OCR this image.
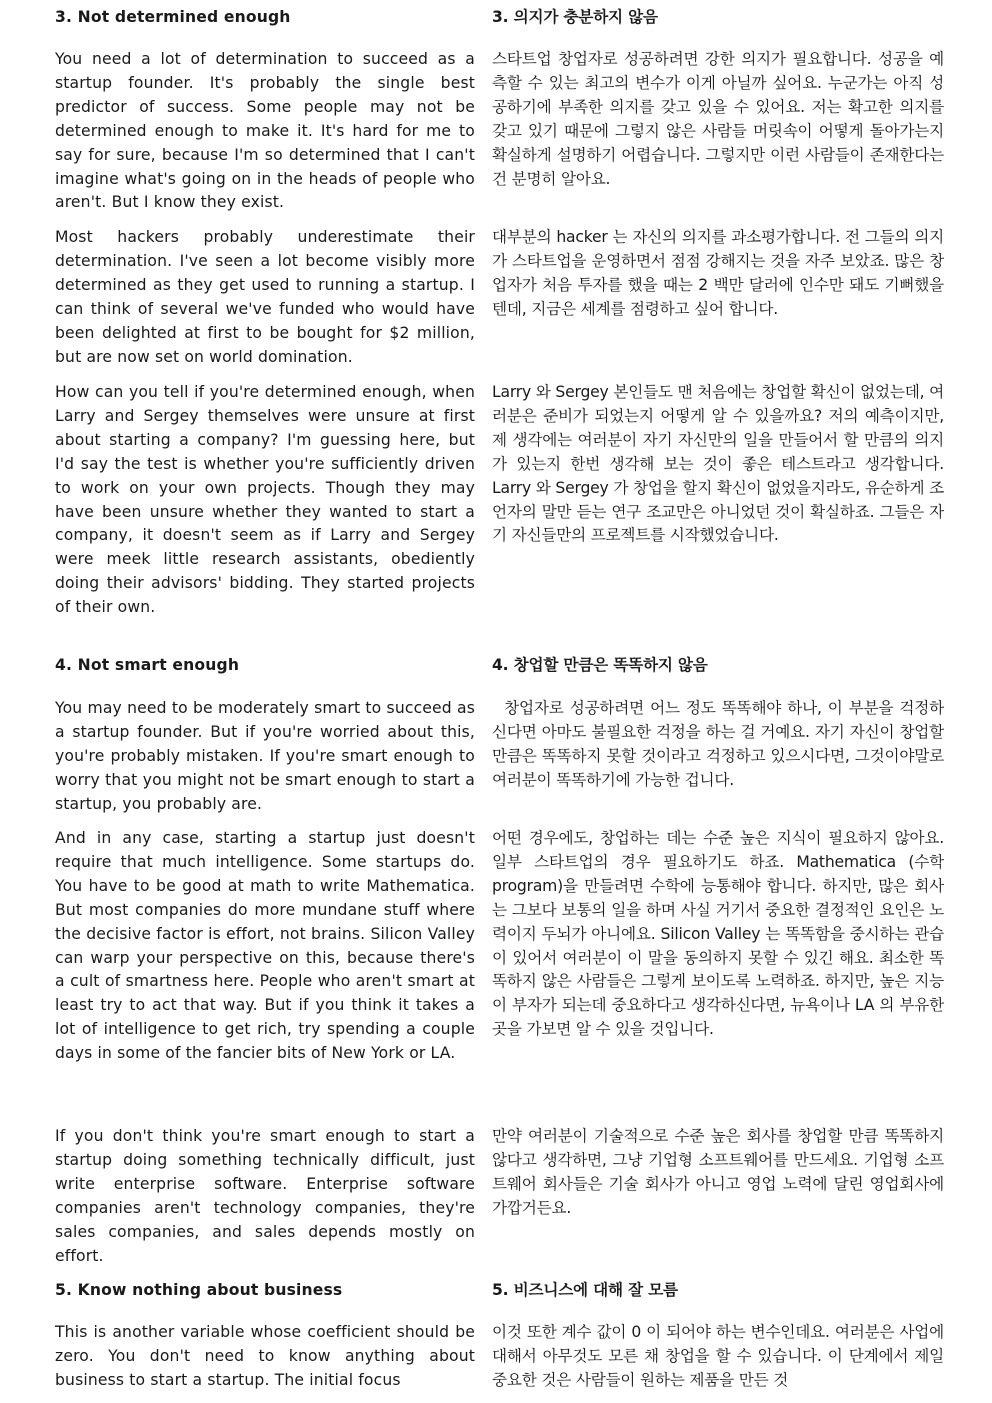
3. Not determined enough

You need a lot of determination to succeed as a startup founder. It's probably the single best predictor of success. Some people may not be determined enough to make it. It's hard for me to say for sure, because I'm so determined that I can't imagine what's going on in the heads of people who aren't. But I know they exist.

Most hackers probably underestimate their determination. I've seen a lot become visibly more determined as they get used to running a startup. I can think of several we've funded who would have been delighted at first to be bought for $2 million, but are now set on world domination.

How can you tell if you're determined enough, when Larry and Sergey themselves were unsure at first about starting a company? I'm guessing here, but I'd say the test is whether you're sufficiently driven to work on your own projects. Though they may have been unsure whether they wanted to start a company, it doesn't seem as if Larry and Sergey were meek little research assistants, obediently doing their advisors' bidding. They started projects of their own.

4. Not smart enough

You may need to be moderately smart to succeed as a startup founder. But if you're worried about this, you're probably mistaken. If you're smart enough to worry that you might not be smart enough to start a startup, you probably are.

And in any case, starting a startup just doesn't require that much intelligence. Some startups do. You have to be good at math to write Mathematica. But most companies do more mundane stuff where the decisive factor is effort, not brains. Silicon Valley can warp your perspective on this, because there's a cult of smartness here. People who aren't smart at least try to act that way. But if you think it takes a lot of intelligence to get rich, try spending a couple days in some of the fancier bits of New York or LA.

If you don't think you're smart enough to start a startup doing something technically difficult, just write enterprise software. Enterprise software companies aren't technology companies, they're sales companies, and sales depends mostly on effort.

5. Know nothing about business

This is another variable whose coefficient should be zero. You don't need to know anything about business to start a startup. The initial focus

3. 의지가 충분하지 않음

스타트업 창업자로 성공하려면 강한 의지가 필요합니다. 성공을 예측할 수 있는 최고의 변수가 이게 아닐까 싶어요. 누군가는 아직 성공하기에 부족한 의지를 갖고 있을 수 있어요. 저는 확고한 의지를 갖고 있기 때문에 그렇지 않은 사람들 머릿속이 어떻게 돌아가는지 확실하게 설명하기 어렵습니다. 그렇지만 이런 사람들이 존재한다는 건 분명히 알아요.

대부분의 hacker 는 자신의 의지를 과소평가합니다. 전 그들의 의지가 스타트업을 운영하면서 점점 강해지는 것을 자주 보았죠. 많은 창업자가 처음 투자를 했을 때는 2 백만 달러에 인수만 돼도 기뻐했을 텐데, 지금은 세계를 점령하고 싶어 합니다.

Larry 와 Sergey 본인들도 맨 처음에는 창업할 확신이 없었는데, 여러분은 준비가 되었는지 어떻게 알 수 있을까요? 저의 예측이지만, 제 생각에는 여러분이 자기 자신만의 일을 만들어서 할 만큼의 의지가 있는지 한번 생각해 보는 것이 좋은 테스트라고 생각합니다. Larry 와 Sergey 가 창업을 할지 확신이 없었을지라도, 유순하게 조언자의 말만 듣는 연구 조교만은 아니었던 것이 확실하죠. 그들은 자기 자신들만의 프로젝트를 시작했었습니다.

4. 창업할 만큼은 똑똑하지 않음

창업자로 성공하려면 어느 정도 똑똑해야 하나, 이 부분을 걱정하신다면 아마도 불필요한 걱정을 하는 걸 거예요. 자기 자신이 창업할 만큼은 똑똑하지 못할 것이라고 걱정하고 있으시다면, 그것이야말로 여러분이 똑똑하기에 가능한 겁니다.

어떤 경우에도, 창업하는 데는 수준 높은 지식이 필요하지 않아요. 일부 스타트업의 경우 필요하기도 하죠. Mathematica (수학 program)을 만들려면 수학에 능통해야 합니다. 하지만, 많은 회사는 그보다 보통의 일을 하며 사실 거기서 중요한 결정적인 요인은 노력이지 두뇌가 아니에요. Silicon Valley 는 똑똑함을 중시하는 관습이 있어서 여러분이 이 말을 동의하지 못할 수 있긴 해요. 최소한 똑똑하지 않은 사람들은 그렇게 보이도록 노력하죠. 하지만, 높은 지능이 부자가 되는데 중요하다고 생각하신다면, 뉴욕이나 LA 의 부유한 곳을 가보면 알 수 있을 것입니다.

만약 여러분이 기술적으로 수준 높은 회사를 창업할 만큼 똑똑하지 않다고 생각하면, 그냥 기업형 소프트웨어를 만드세요. 기업형 소프트웨어 회사들은 기술 회사가 아니고 영업 노력에 달린 영업회사에 가깝거든요.

5. 비즈니스에 대해 잘 모름

이것 또한 계수 값이 0 이 되어야 하는 변수인데요. 여러분은 사업에 대해서 아무것도 모른 채 창업을 할 수 있습니다. 이 단계에서 제일 중요한 것은 사람들이 원하는 제품을 만든 것
